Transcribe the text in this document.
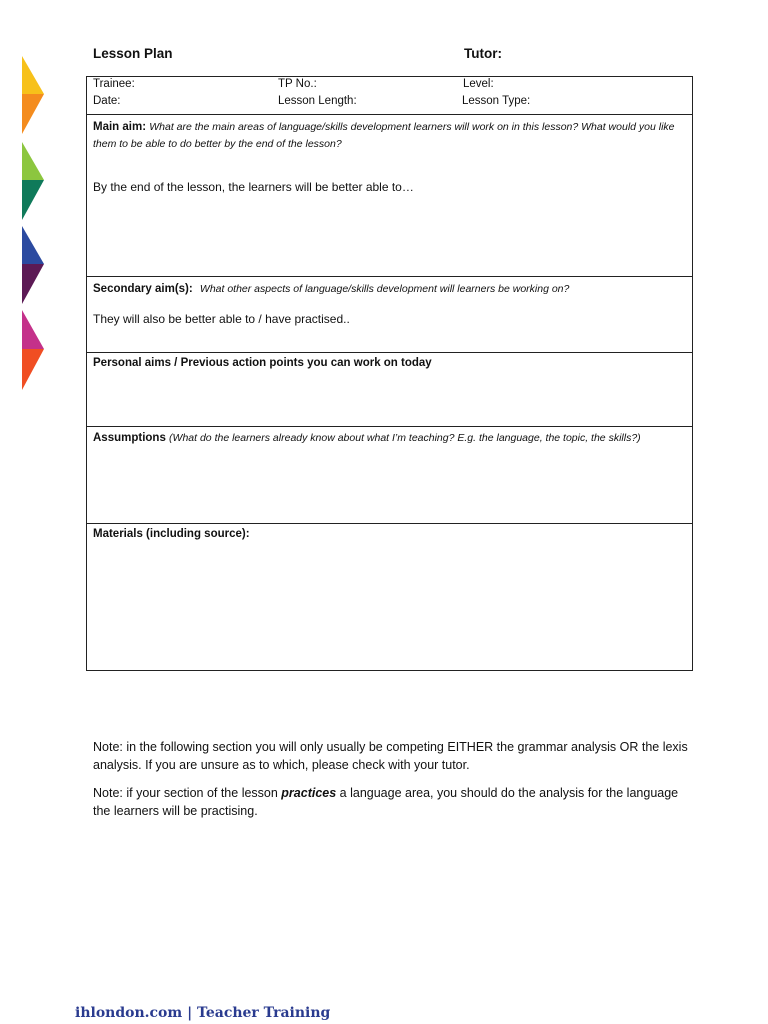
Lesson Plan	Tutor:
Trainee:	TP No.:	Level:
Date:	Lesson Length:	Lesson Type:
Main aim: What are the main areas of language/skills development learners will work on in this lesson? What would you like them to be able to do better by the end of the lesson?
By the end of the lesson, the learners will be better able to…
Secondary aim(s): What other aspects of language/skills development will learners be working on?
They will also be better able to / have practised..
Personal aims / Previous action points you can work on today
Assumptions (What do the learners already know about what I’m teaching? E.g. the language, the topic, the skills?)
Materials (including source):

Note: in the following section you will only usually be competing EITHER the grammar analysis OR the lexis analysis. If you are unsure as to which, please check with your tutor.

Note: if your section of the lesson practices a language area, you should do the analysis for the language the learners will be practising.

ihlondon.com | Teacher Training
